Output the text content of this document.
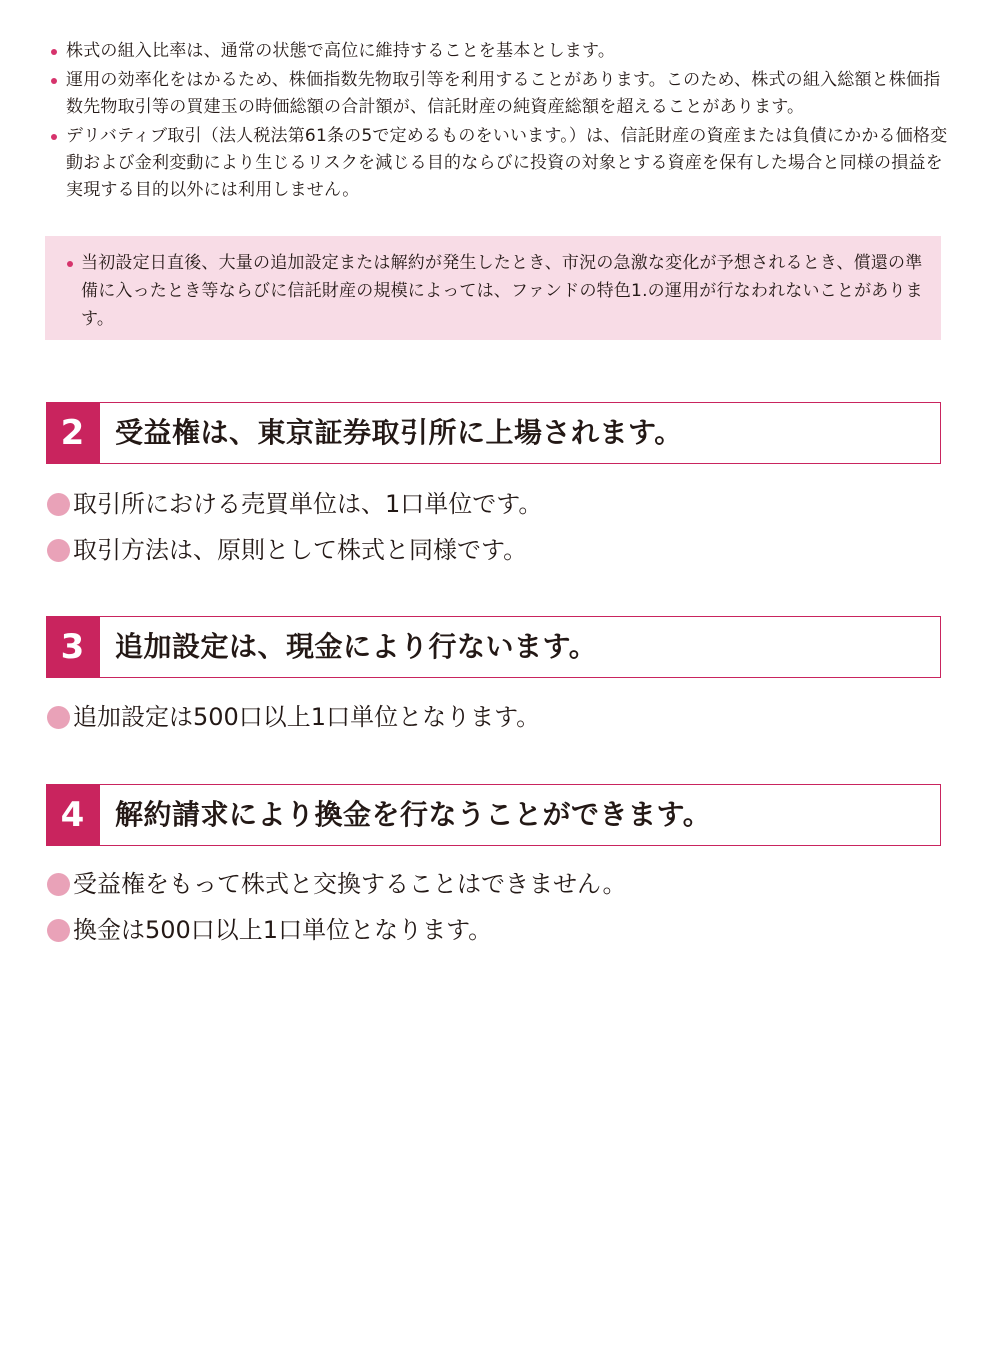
株式の組入比率は、通常の状態で高位に維持することを基本とします。
運用の効率化をはかるため、株価指数先物取引等を利用することがあります。このため、株式の組入総額と株価指数先物取引等の買建玉の時価総額の合計額が、信託財産の純資産総額を超えることがあります。
デリバティブ取引（法人税法第61条の5で定めるものをいいます。）は、信託財産の資産または負債にかかる価格変動および金利変動により生じるリスクを減じる目的ならびに投資の対象とする資産を保有した場合と同様の損益を実現する目的以外には利用しません。
当初設定日直後、大量の追加設定または解約が発生したとき、市況の急激な変化が予想されるとき、償還の準備に入ったとき等ならびに信託財産の規模によっては、ファンドの特色1.の運用が行なわれないことがあります。
2	受益権は、東京証券取引所に上場されます。
取引所における売買単位は、1口単位です。
取引方法は、原則として株式と同様です。
3	追加設定は、現金により行ないます。
追加設定は500口以上1口単位となります。
4	解約請求により換金を行なうことができます。
受益権をもって株式と交換することはできません。
換金は500口以上1口単位となります。
